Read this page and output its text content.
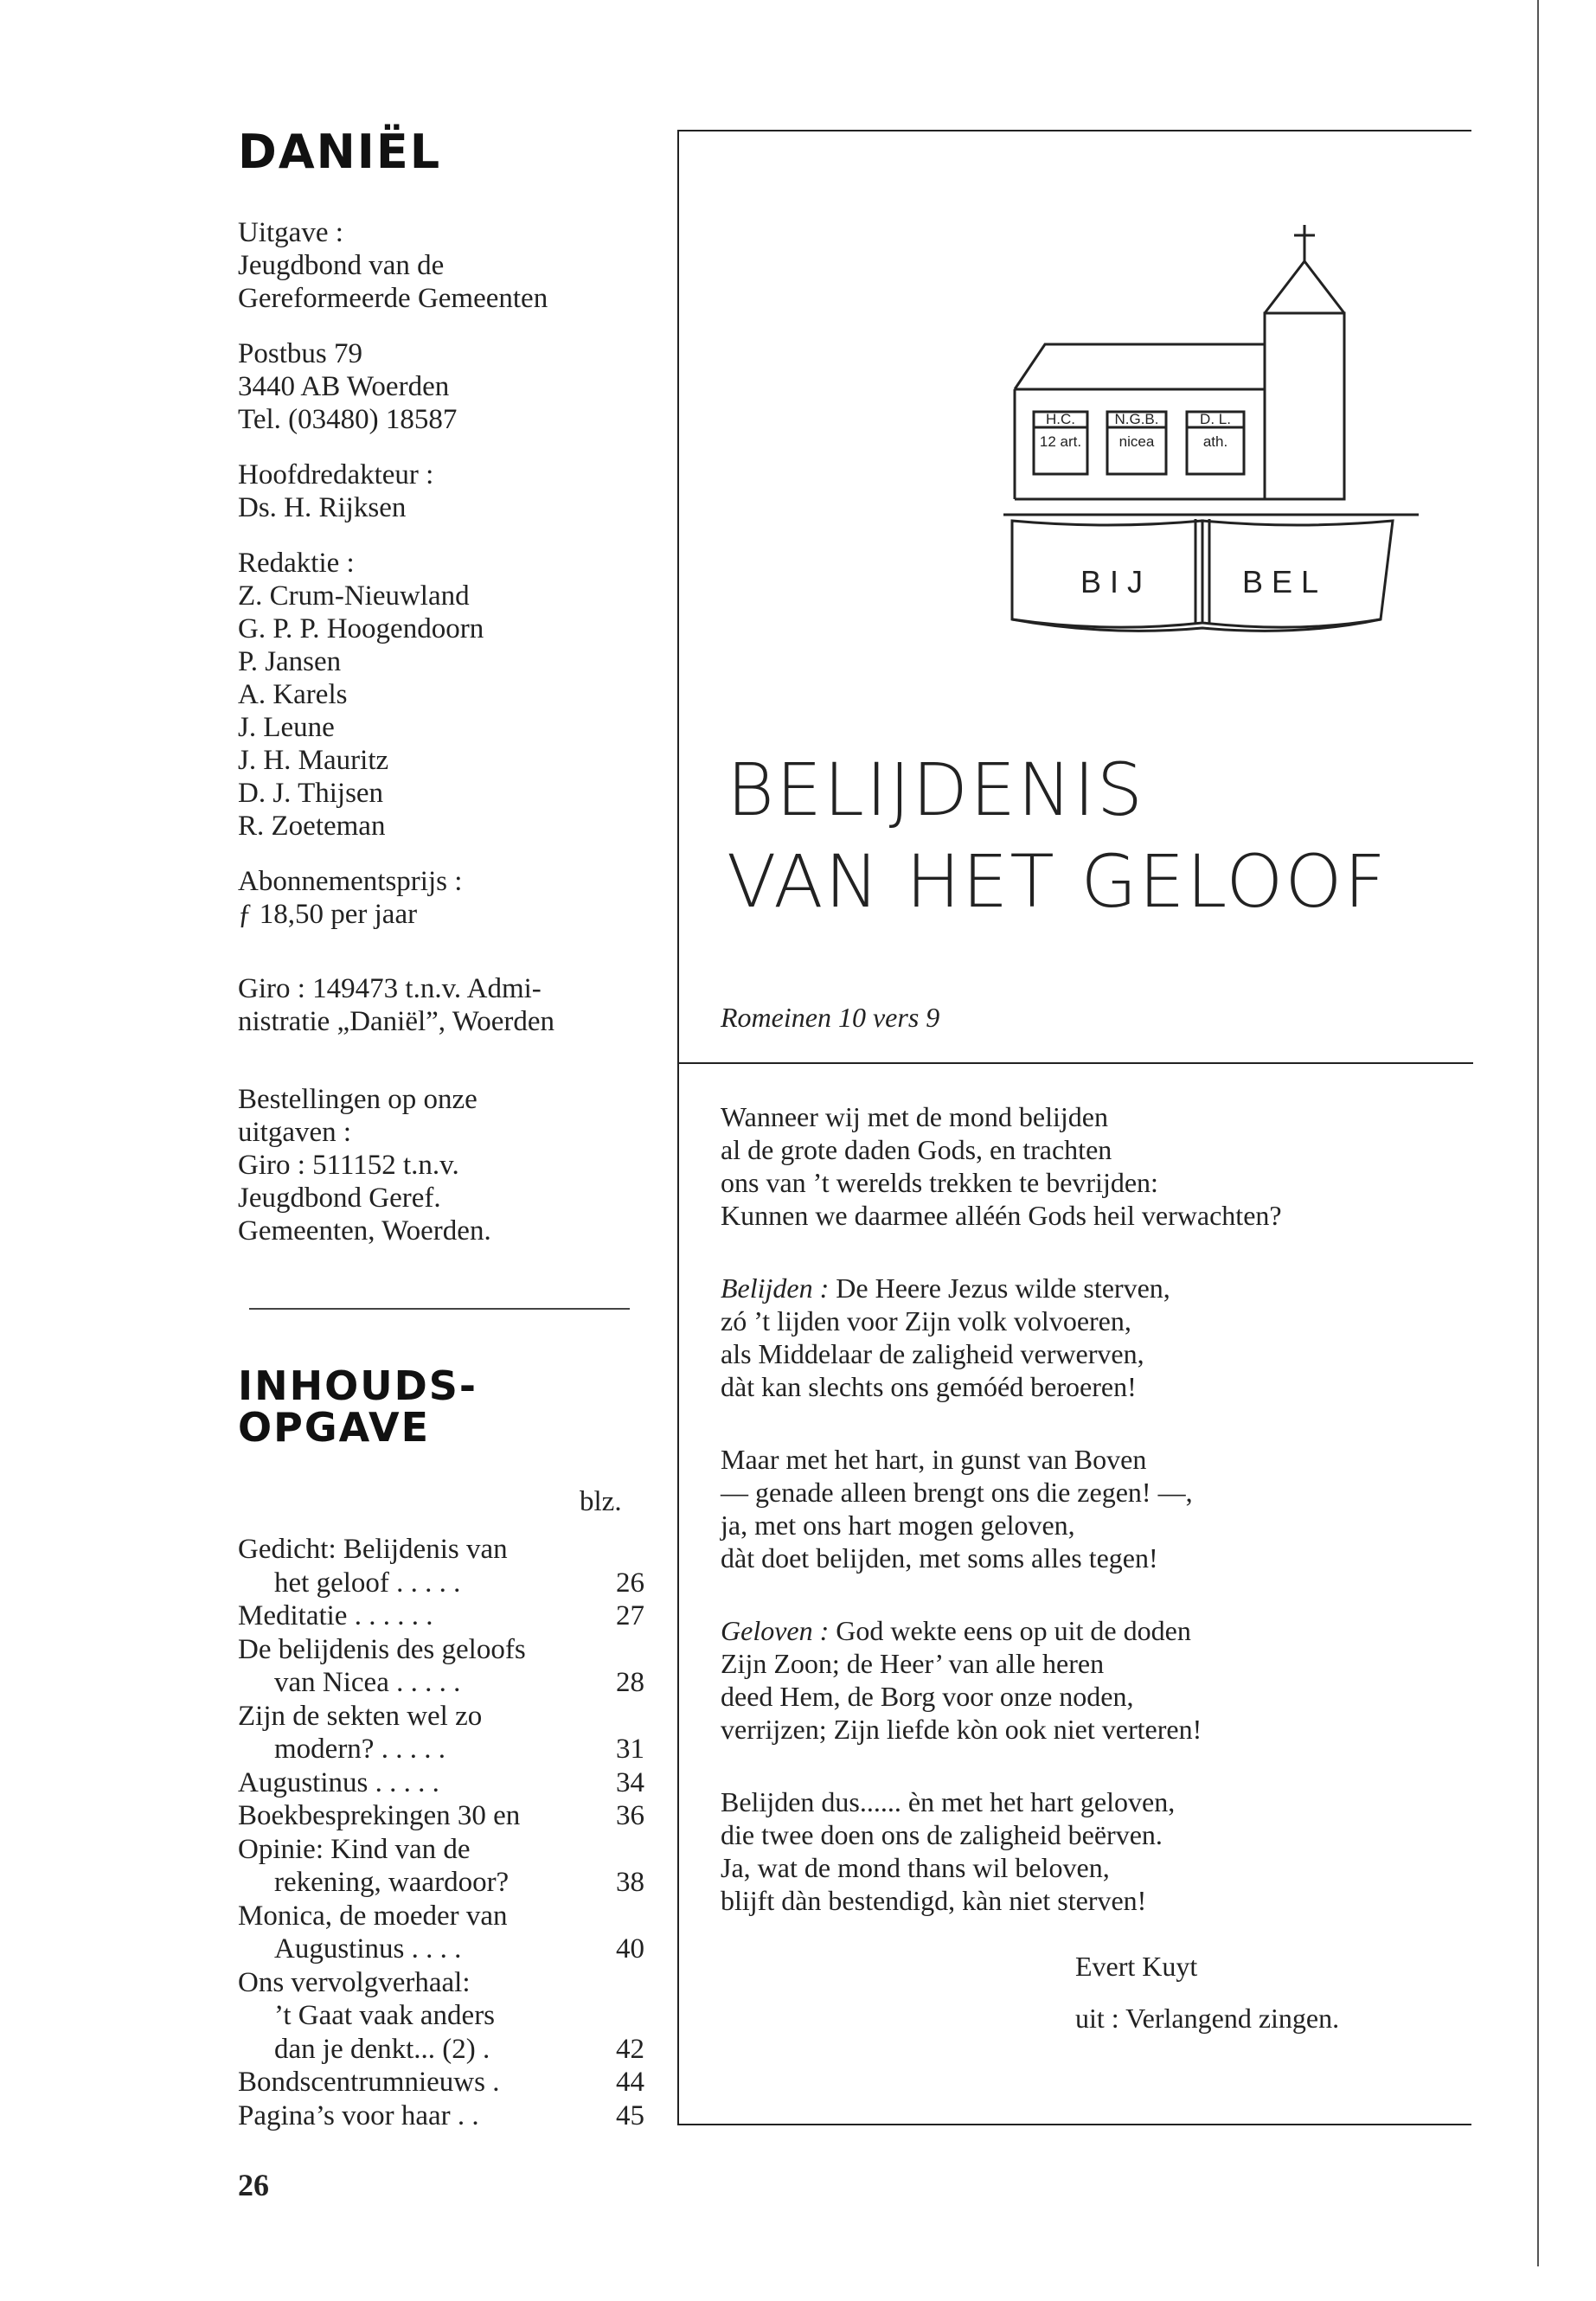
DANIËL
Uitgave :
Jeugdbond van de
Gereformeerde Gemeenten
Postbus 79
3440 AB Woerden
Tel. (03480) 18587
Hoofdredakteur :
Ds. H. Rijksen
Redaktie :
Z. Crum-Nieuwland
G. P. P. Hoogendoorn
P. Jansen
A. Karels
J. Leune
J. H. Mauritz
D. J. Thijsen
R. Zoeteman
Abonnementsprijs :
ƒ 18,50 per jaar
Giro : 149473 t.n.v. Admi-
nistratie „Daniël”, Woerden
Bestellingen op onze
uitgaven :
Giro : 511152 t.n.v.
Jeugdbond Geref.
Gemeenten, Woerden.
INHOUDS-
OPGAVE
blz.
Gedicht: Belijdenis van
het geloof . . . . .	26
Meditatie . . . . . .	27
De belijdenis des geloofs
van Nicea . . . . .	28
Zijn de sekten wel zo
modern? . . . . .	31
Augustinus . . . . .	34
Boekbesprekingen 30 en	36
Opinie: Kind van de
rekening, waardoor?	38
Monica, de moeder van
Augustinus . . . .	40
Ons vervolgverhaal:
’t Gaat vaak anders
dan je denkt... (2) .	42
Bondscentrumnieuws .	44
Pagina’s voor haar . .	45
26
H.C.
12 art.
N.G.B.
nicea
D. L.
ath.
BIJ	BEL
BELIJDENIS
VAN HET GELOOF
Romeinen 10 vers 9
Wanneer wij met de mond belijden
al de grote daden Gods, en trachten
ons van ’t werelds trekken te bevrijden:
Kunnen we daarmee alléén Gods heil verwachten?
Belijden : De Heere Jezus wilde sterven,
zó ’t lijden voor Zijn volk volvoeren,
als Middelaar de zaligheid verwerven,
dàt kan slechts ons gemóéd beroeren!
Maar met het hart, in gunst van Boven
— genade alleen brengt ons die zegen! —,
ja, met ons hart mogen geloven,
dàt doet belijden, met soms alles tegen!
Geloven : God wekte eens op uit de doden
Zijn Zoon; de Heer’ van alle heren
deed Hem, de Borg voor onze noden,
verrijzen; Zijn liefde kòn ook niet verteren!
Belijden dus...... èn met het hart geloven,
die twee doen ons de zaligheid beërven.
Ja, wat de mond thans wil beloven,
blijft dàn bestendigd, kàn niet sterven!
Evert Kuyt
uit : Verlangend zingen.
